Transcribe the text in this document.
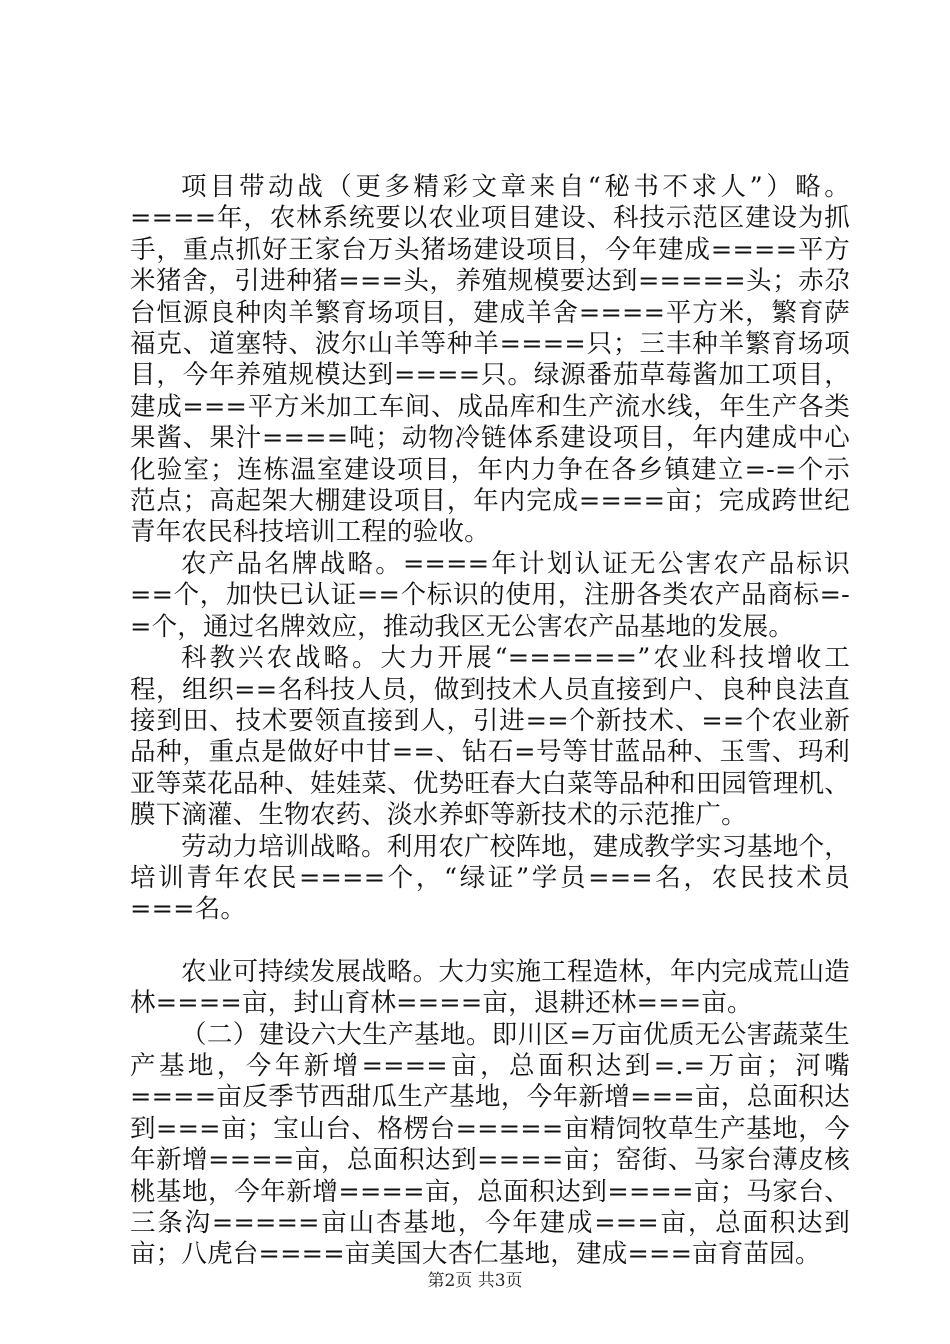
项目带动战（更多精彩文章来自“秘书不求人”）略。====年，农林系统要以农业项目建设、科技示范区建设为抓手，重点抓好王家台万头猪场建设项目，今年建成====平方米猪舍，引进种猪===头，养殖规模要达到=====头；赤尕台恒源良种肉羊繁育场项目，建成羊舍====平方米，繁育萨福克、道塞特、波尔山羊等种羊====只；三丰种羊繁育场项目，今年养殖规模达到====只。绿源番茄草莓酱加工项目，建成===平方米加工车间、成品库和生产流水线，年生产各类果酱、果汁====吨；动物冷链体系建设项目，年内建成中心化验室；连栋温室建设项目，年内力争在各乡镇建立=-=个示范点；高起架大棚建设项目，年内完成====亩；完成跨世纪青年农民科技培训工程的验收。

农产品名牌战略。====年计划认证无公害农产品标识==个，加快已认证==个标识的使用，注册各类农产品商标=-=个，通过名牌效应，推动我区无公害农产品基地的发展。

科教兴农战略。大力开展“======”农业科技增收工程，组织==名科技人员，做到技术人员直接到户、良种良法直接到田、技术要领直接到人，引进==个新技术、==个农业新品种，重点是做好中甘==、钻石=号等甘蓝品种、玉雪、玛利亚等菜花品种、娃娃菜、优势旺春大白菜等品种和田园管理机、膜下滴灌、生物农药、淡水养虾等新技术的示范推广。

劳动力培训战略。利用农广校阵地，建成教学实习基地个，培训青年农民====个，“绿证”学员===名，农民技术员===名。

农业可持续发展战略。大力实施工程造林，年内完成荒山造林====亩，封山育林====亩，退耕还林===亩。

（二）建设六大生产基地。即川区=万亩优质无公害蔬菜生产基地，今年新增====亩，总面积达到=.=万亩；河嘴====亩反季节西甜瓜生产基地，今年新增===亩，总面积达到===亩；宝山台、格楞台=====亩精饲牧草生产基地，今年新增====亩，总面积达到====亩；窑街、马家台薄皮核桃基地，今年新增====亩，总面积达到====亩；马家台、三条沟=====亩山杏基地，今年建成===亩，总面积达到亩；八虎台====亩美国大杏仁基地，建成===亩育苗园。

第2页 共3页
